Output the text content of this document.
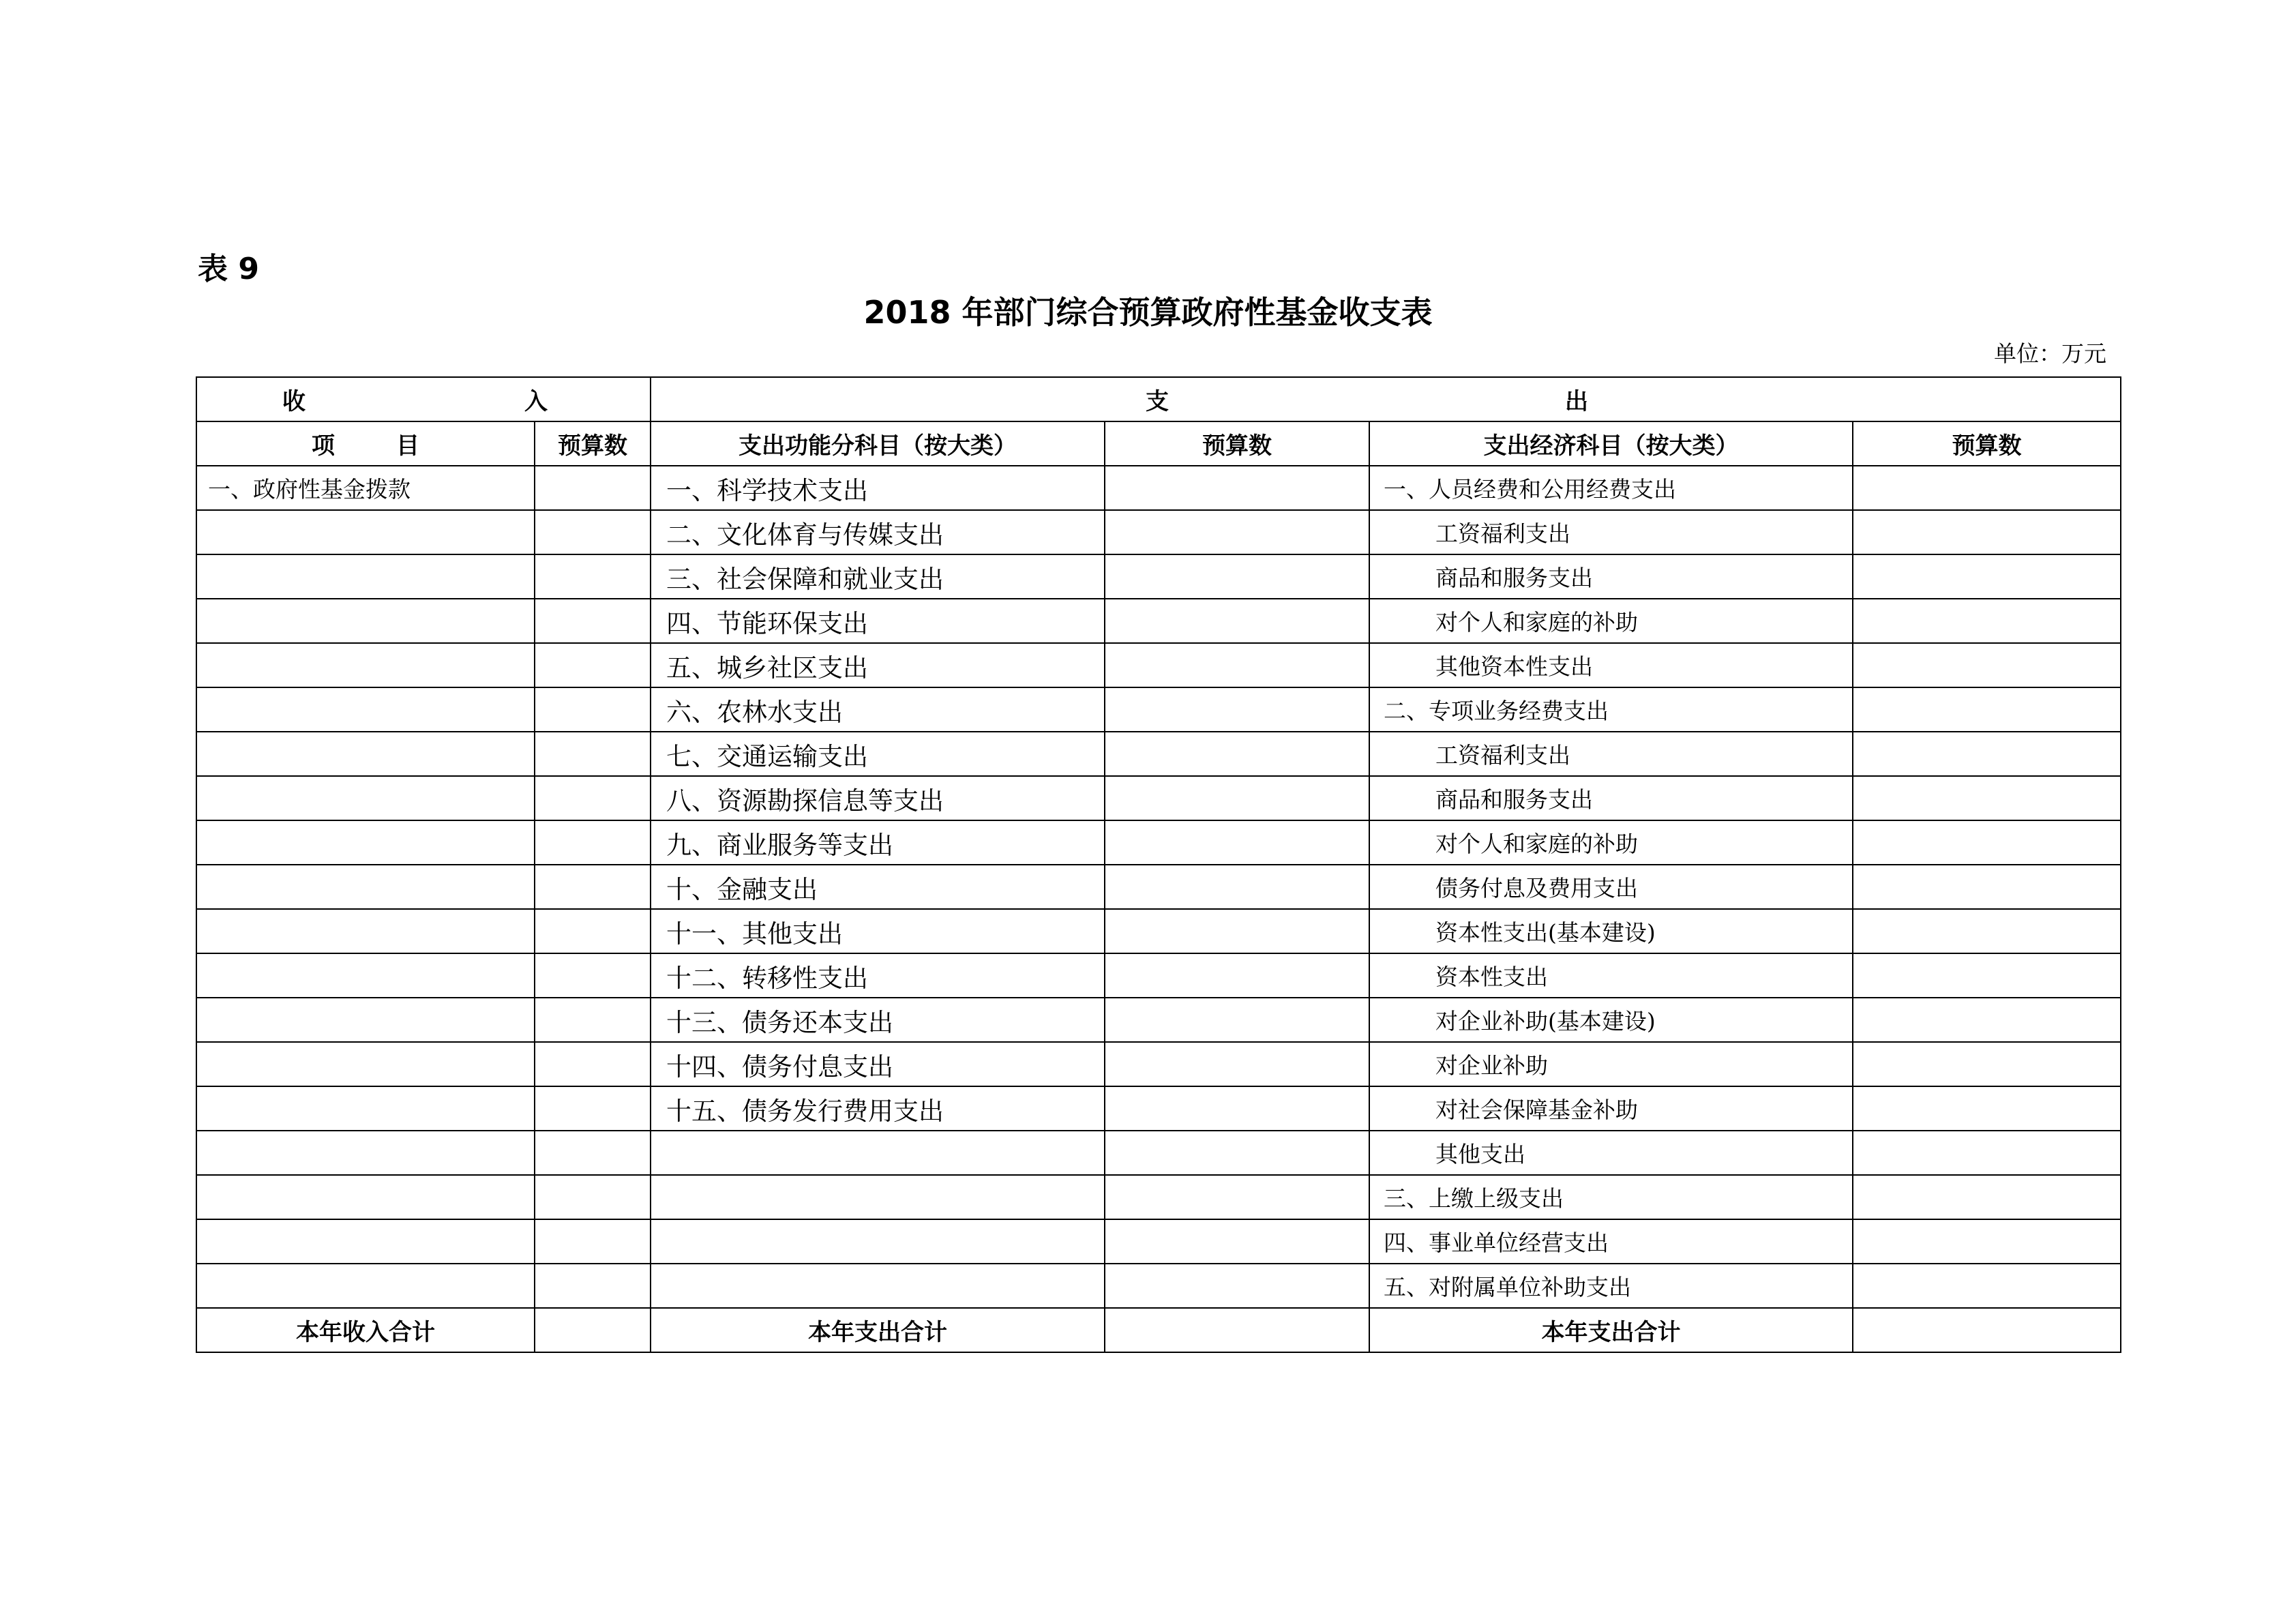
表 9
2018 年部门综合预算政府性基金收支表
单位：万元
收 入		支 出			

项 目	预算数	支出功能分科目（按大类）	预算数	支出经济科目（按大类）	预算数
一、政府性基金拨款		一、科学技术支出		一、人员经费和公用经费支出	
		二、文化体育与传媒支出		工资福利支出	
		三、社会保障和就业支出		商品和服务支出	
		四、节能环保支出		对个人和家庭的补助	
		五、城乡社区支出		其他资本性支出	
		六、农林水支出		二、专项业务经费支出	
		七、交通运输支出		工资福利支出	
		八、资源勘探信息等支出		商品和服务支出	
		九、商业服务等支出		对个人和家庭的补助	
		十、金融支出		债务付息及费用支出	
		十一、其他支出		资本性支出(基本建设)	
		十二、转移性支出		资本性支出	
		十三、债务还本支出		对企业补助(基本建设)	
		十四、债务付息支出		对企业补助	
		十五、债务发行费用支出		对社会保障基金补助	
				其他支出	
				三、上缴上级支出	
				四、事业单位经营支出	
				五、对附属单位补助支出	
本年收入合计		本年支出合计		本年支出合计	
